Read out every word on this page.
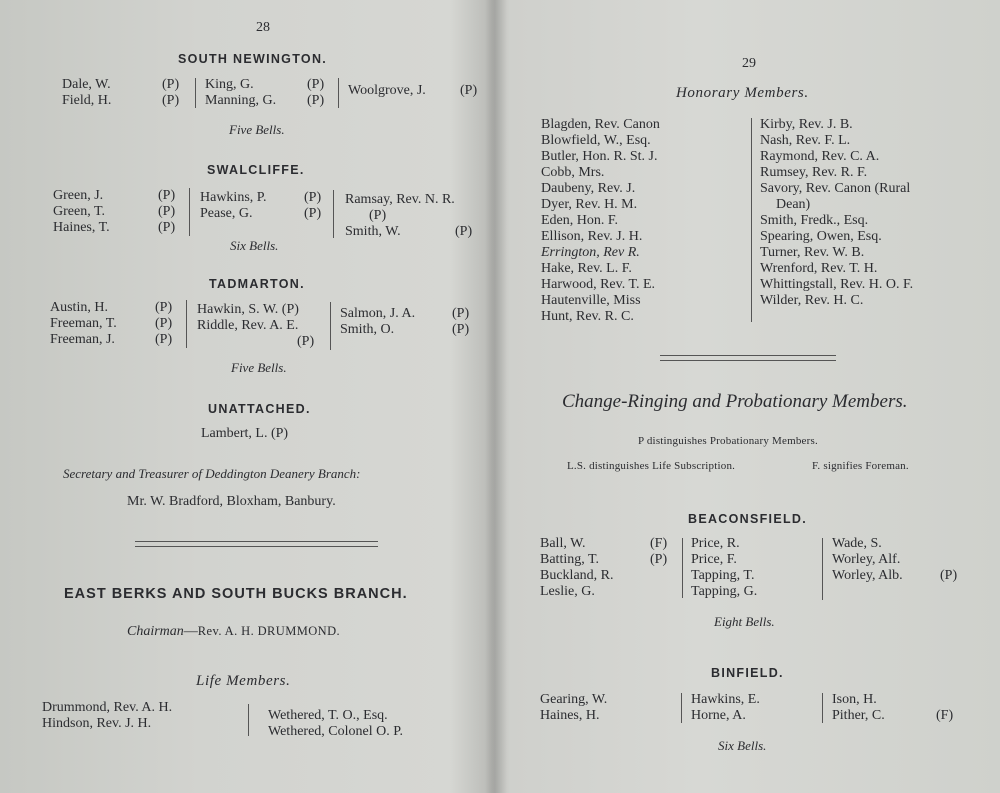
28
SOUTH NEWINGTON.
Dale, W.	(P)
Field, H.	(P)
King, G.	(P)
Manning, G. (P)
Woolgrove, J. (P)
Five Bells.
SWALCLIFFE.
Green, J.	(P)
Green, T.	(P)
Haines, T.	(P)
Hawkins, P.	(P)
Pease, G.	(P)
Ramsay, Rev. N. R.
(P)
Smith, W.	(P)
Six Bells.
TADMARTON.
Austin, H.	(P)
Freeman, T.	(P)
Freeman, J.	(P)
Hawkin, S. W. (P)
Riddle, Rev. A. E.
(P)
Salmon, J. A.	(P)
Smith, O.	(P)
Five Bells.
UNATTACHED.
Lambert, L. (P)
Secretary and Treasurer of Deddington Deanery Branch:
Mr. W. Bradford, Bloxham, Banbury.
EAST BERKS AND SOUTH BUCKS BRANCH.
Chairman—Rev. A. H. DRUMMOND.
Life Members.
Drummond, Rev. A. H.
Hindson, Rev. J. H.
Wethered, T. O., Esq.
Wethered, Colonel O. P.
29
Honorary Members.
Blagden, Rev. Canon
Blowfield, W., Esq.
Butler, Hon. R. St. J.
Cobb, Mrs.
Daubeny, Rev. J.
Dyer, Rev. H. M.
Eden, Hon. F.
Ellison, Rev. J. H.
Errington, Rev R.
Hake, Rev. L. F.
Harwood, Rev. T. E.
Hautenville, Miss
Hunt, Rev. R. C.
Kirby, Rev. J. B.
Nash, Rev. F. L.
Raymond, Rev. C. A.
Rumsey, Rev. R. F.
Savory, Rev. Canon (Rural
Dean)
Smith, Fredk., Esq.
Spearing, Owen, Esq.
Turner, Rev. W. B.
Wrenford, Rev. T. H.
Whittingstall, Rev. H. O. F.
Wilder, Rev. H. C.
Change-Ringing and Probationary Members.
P distinguishes Probationary Members.
L.S. distinguishes Life Subscription.	F. signifies Foreman.
BEACONSFIELD.
Ball, W.	(F)
Batting, T.	(P)
Buckland, R.
Leslie, G.
Price, R.
Price, F.
Tapping, T.
Tapping, G.
Wade, S.
Worley, Alf.
Worley, Alb.	(P)
Eight Bells.
BINFIELD.
Gearing, W.
Haines, H.
Hawkins, E.
Horne, A.
Ison, H.
Pither, C.	(F)
Six Bells.
